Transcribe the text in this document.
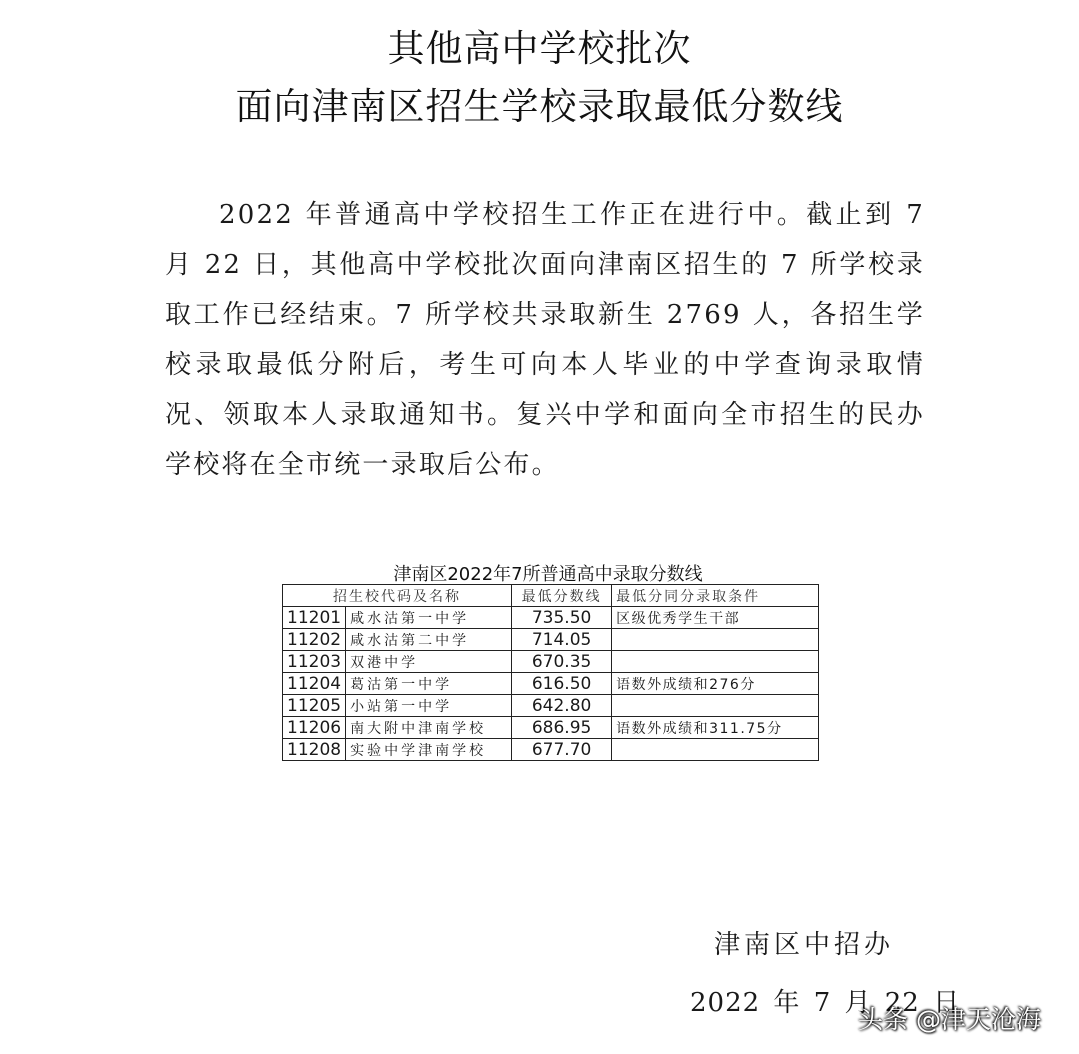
其他高中学校批次
面向津南区招生学校录取最低分数线
2022 年普通高中学校招生工作正在进行中。截止到 7 月 22 日，其他高中学校批次面向津南区招生的 7 所学校录取工作已经结束。7 所学校共录取新生 2769 人，各招生学校录取最低分附后，考生可向本人毕业的中学查询录取情况、领取本人录取通知书。复兴中学和面向全市招生的民办学校将在全市统一录取后公布。
津南区2022年7所普通高中录取分数线
招生校代码及名称		最低分数线	最低分同分录取条件
11201	咸水沽第一中学	735.50	区级优秀学生干部
11202	咸水沽第二中学	714.05	
11203	双港中学	670.35	
11204	葛沽第一中学	616.50	语数外成绩和276分
11205	小站第一中学	642.80	
11206	南大附中津南学校	686.95	语数外成绩和311.75分
11208	实验中学津南学校	677.70	
津南区中招办
2022 年 7 月 22 日
头条 @津天沧海
